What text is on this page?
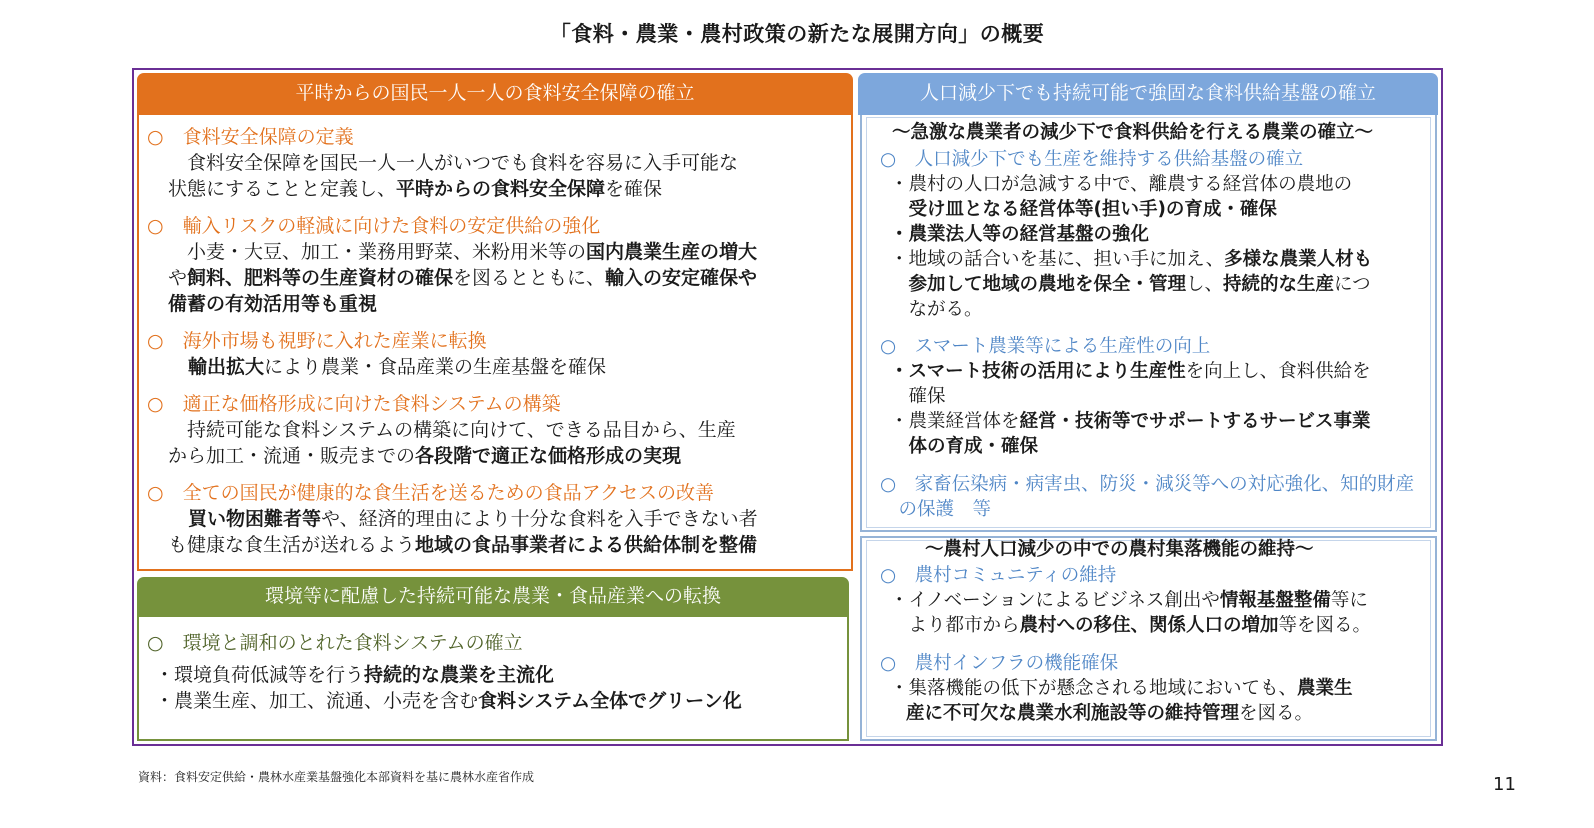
「食料・農業・農村政策の新たな展開方向」の概要
平時からの国民一人一人の食料安全保障の確立
○　食料安全保障の定義
　食料安全保障を国民一人一人がいつでも食料を容易に入手可能な
状態にすることと定義し、平時からの食料安全保障を確保
○　輸入リスクの軽減に向けた食料の安定供給の強化
　小麦・大豆、加工・業務用野菜、米粉用米等の国内農業生産の増大
や飼料、肥料等の生産資材の確保を図るとともに、輸入の安定確保や
備蓄の有効活用等も重視
○　海外市場も視野に入れた産業に転換
輸出拡大により農業・食品産業の生産基盤を確保
○　適正な価格形成に向けた食料システムの構築
　持続可能な食料システムの構築に向けて、できる品目から、生産
から加工・流通・販売までの各段階で適正な価格形成の実現
○　全ての国民が健康的な食生活を送るための食品アクセスの改善
買い物困難者等や、経済的理由により十分な食料を入手できない者
も健康な食生活が送れるよう地域の食品事業者による供給体制を整備
環境等に配慮した持続可能な農業・食品産業への転換
○　環境と調和のとれた食料システムの確立
・環境負荷低減等を行う持続的な農業を主流化
・農業生産、加工、流通、小売を含む食料システム全体でグリーン化
人口減少下でも持続可能で強固な食料供給基盤の確立
～急激な農業者の減少下で食料供給を行える農業の確立～
○　人口減少下でも生産を維持する供給基盤の確立
・農村の人口が急減する中で、離農する経営体の農地の
　受け皿となる経営体等(担い手)の育成・確保
・農業法人等の経営基盤の強化
・地域の話合いを基に、担い手に加え、多様な農業人材も
　参加して地域の農地を保全・管理し、持続的な生産につ
　ながる。
○　スマート農業等による生産性の向上
・スマート技術の活用により生産性を向上し、食料供給を
　確保
・農業経営体を経営・技術等でサポートするサービス事業
　体の育成・確保
○　家畜伝染病・病害虫、防災・減災等への対応強化、知的財産
　の保護　等
～農村人口減少の中での農村集落機能の維持～
○　農村コミュニティの維持
・イノベーションによるビジネス創出や情報基盤整備等に
　より都市から農村への移住、関係人口の増加等を図る。
○　農村インフラの機能確保
・集落機能の低下が懸念される地域においても、農業生
産に不可欠な農業水利施設等の維持管理を図る。
資料：食料安定供給・農林水産業基盤強化本部資料を基に農林水産省作成	11
